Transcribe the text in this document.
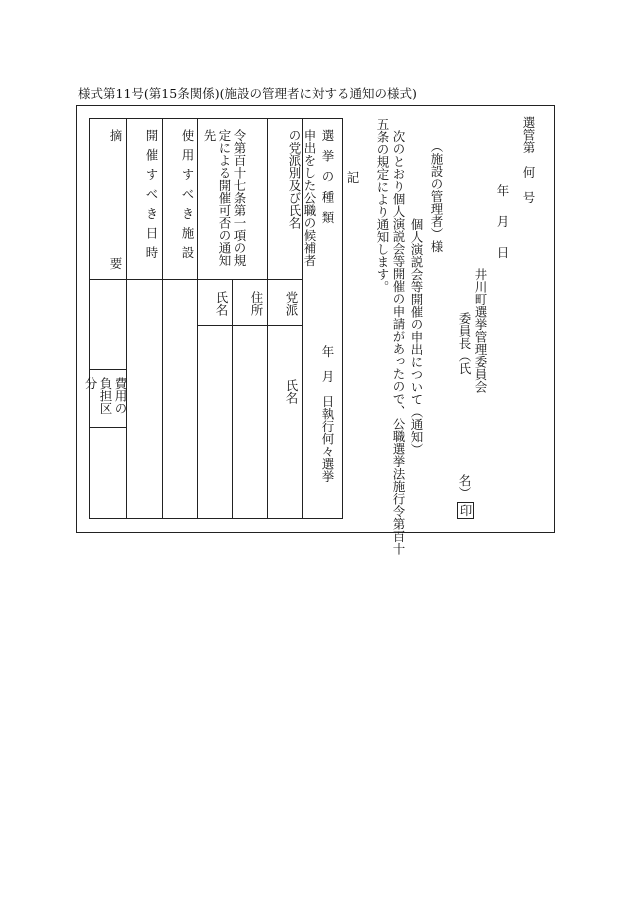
様式第11号(第15条関係)(施設の管理者に対する通知の様式)
選管第　何　号
年　月　日
井川町選挙管理委員会
委員長（氏
名）
印
（施設の管理者）様
個人演説会等開催の申出について（通知）
次のとおり個人演説会等開催の申請があったので、公職選挙法施行令第百十
五条の規定により通知します。
記
選挙の種類
年　月　日執行何々選挙
申出をした公職の候補者の党派別及び氏名
令第百十七条第一項の規定による開催可否の通知先
使用すべき施設
開催すべき日時
摘
要
党派
氏名
住所
氏名
費用の負担区分
